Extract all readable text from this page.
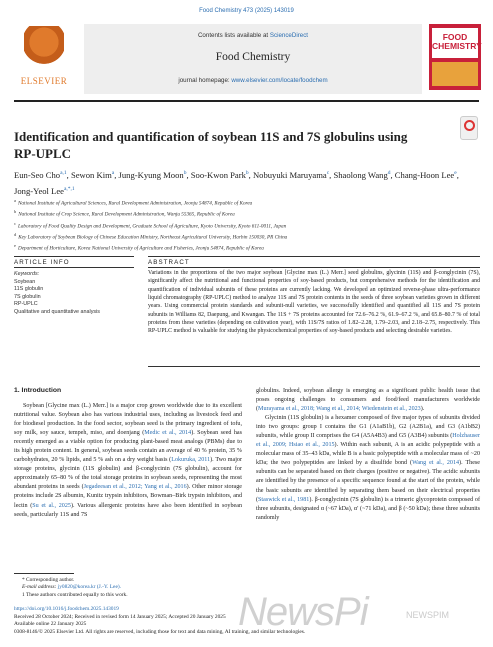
Food Chemistry 473 (2025) 143019
ELSEVIER
Contents lists available at ScienceDirect
Food Chemistry
journal homepage: www.elsevier.com/locate/foodchem
FOOD CHEMISTRY
Identification and quantification of soybean 11S and 7S globulins using RP-UPLC
Eun-Seo Cho$^{a,1}$, Sewon Kim$^a$, Jung-Kyung Moon$^b$, Soo-Kwon Park$^b$, Nobuyuki Maruyama$^c$, Shaolong Wang$^d$, Chang-Hoon Lee$^e$, Jong-Yeol Lee$^{a,*,1}$
$^a$National Institute of Agricultural Sciences, Rural Development Administration, Jeonju 54874, Republic of Korea
$^b$National Institute of Crop Science, Rural Development Administration, Wanju 55365, Republic of Korea
$^c$Laboratory of Food Quality Design and Development, Graduate School of Agriculture, Kyoto University, Kyoto 611-0011, Japan
$^d$Key Laboratory of Soybean Biology of Chinese Education Ministry, Northeast Agricultural University, Harbin 150030, PR China
$^e$Department of Horticulture, Korea National University of Agriculture and Fisheries, Jeonju 54874, Republic of Korea
ARTICLE INFO	ABSTRACT
Keywords:
Soybean
11S globulin
7S globulin
RP-UPLC
Qualitative and quantitative analysis
Variations in the proportions of the two major soybean [Glycine max (L.) Merr.] seed globulins, glycinin (11S) and β-conglycinin (7S), significantly affect the nutritional and functional properties of soy-based products, but comprehensive methods for the identification and quantification of individual subunits of these proteins are currently lacking. We developed an optimized reverse-phase ultra-performance liquid chromatography (RP-UPLC) method to analyze 11S and 7S protein contents in the seeds of three soybean varieties grown in different years. Using commercial protein standards and subunit-null varieties, we successfully identified and quantified all 11S and 7S protein subunits in Williams 82, Daepung, and Kwangan. The 11S + 7S proteins accounted for 72.6–76.2 %, 61.9–67.2 %, and 65.8–80.7 % of total proteins from these varieties (depending on cultivation year), with 11S/7S ratios of 1.82–2.28, 1.79–2.03, and 2.18–2.75, respectively. This RP-UPLC method is valuable for studying the physicochemical properties of soy-based products and selecting desirable varieties.
1. Introduction

Soybean [Glycine max (L.) Merr.] is a major crop grown worldwide due to its excellent nutritional value. Soybean also has various industrial uses, including as livestock feed and for biodiesel production. In the food sector, soybean seed is the primary ingredient of tofu, soy milk, soy sauce, tempeh, miso, and doenjang (Medic et al., 2014). Soybean seed has recently emerged as a viable option for producing plant-based meat analogs (PBMs) due to its high protein content. In general, soybean seeds contain an average of 40 % protein, 35 % carbohydrates, 20 % lipids, and 5 % ash on a dry weight basis (Lokuruka, 2011). Two major storage proteins, glycinin (11S globulin) and β-conglycinin (7S globulin), account for approximately 65–80 % of the total storage proteins in soybean seeds, representing the most abundant proteins in seeds (Jegadeesan et al., 2012; Yang et al., 2016). Other minor storage proteins include 2S albumin, Kunitz trypsin inhibitors, Bowman–Birk trypsin inhibitors, and lectin (Su et al., 2025). Various allergenic proteins have also been identified in soybean seeds, particularly 11S and 7S

globulins. Indeed, soybean allergy is emerging as a significant public health issue that poses ongoing challenges to consumers and food/feed manufacturers worldwide (Murayama et al., 2018; Wang et al., 2014; Wiedenstein et al., 2023).

Glycinin (11S globulin) is a hexamer composed of five major types of subunits divided into two groups: group I contains the G1 (A1aB1b), G2 (A2B1a), and G3 (A1bB2) subunits, while group II comprises the G4 (A5A4B3) and G5 (A3B4) subunits (Holzhauser et al., 2009; Hsiao et al., 2015). Within each subunit, A is an acidic polypeptide with a molecular mass of 35–43 kDa, while B is a basic polypeptide with a molecular mass of ~20 kDa; the two polypeptides are linked by a disulfide bond (Wang et al., 2014). These subunits can be separated based on their charges (positive or negative). The acidic subunits are identified by the presence of a specific sequence found at the start of the protein, while the basic subunits are identified by separating them based on their electrical properties (Staswick et al., 1981). β-conglycinin (7S globulin) is a trimeric glycoprotein composed of three subunits, designated α (~67 kDa), α′ (~71 kDa), and β (~50 kDa); these three subunits randomly

* Corresponding author.
E-mail address: jy0820@korea.kr (J.-Y. Lee).
1 These authors contributed equally to this work.
https://doi.org/10.1016/j.foodchem.2025.143019
Received 28 October 2024; Received in revised form 14 January 2025; Accepted 20 January 2025
Available online 22 January 2025
0308-8146/© 2025 Elsevier Ltd. All rights are reserved, including those for text and data mining, AI training, and similar technologies.
NewsPi	NEWSPIM
